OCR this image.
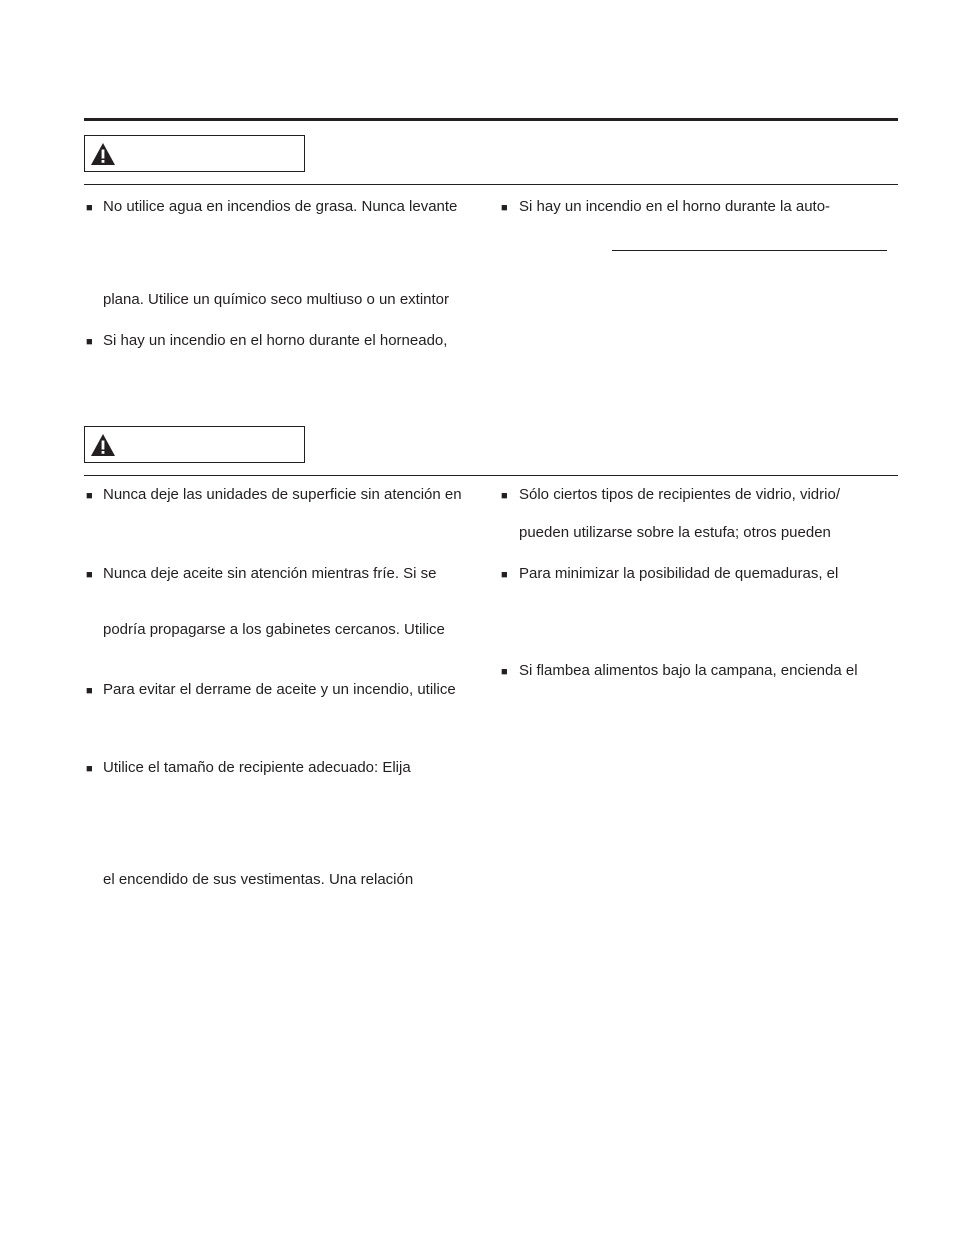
■ No utilice agua en incendios de grasa. Nunca levante
plana. Utilice un químico seco multiuso o un extintor
■ Si hay un incendio en el horno durante el horneado,
■ Si hay un incendio en el horno durante la auto-
■ Nunca deje las unidades de superficie sin atención en
■ Nunca deje aceite sin atención mientras fríe. Si se
podría propagarse a los gabinetes cercanos. Utilice
■ Para evitar el derrame de aceite y un incendio, utilice
■ Utilice el tamaño de recipiente adecuado: Elija
el encendido de sus vestimentas. Una relación
■ Sólo ciertos tipos de recipientes de vidrio, vidrio/
pueden utilizarse sobre la estufa; otros pueden
■ Para minimizar la posibilidad de quemaduras, el
■ Si flambea alimentos bajo la campana, encienda el
